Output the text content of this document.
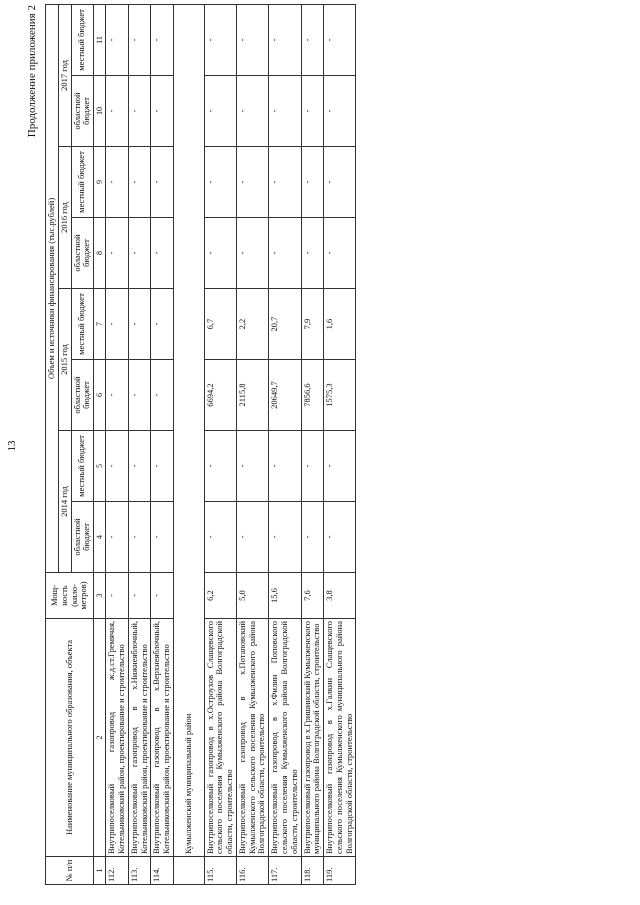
13
Продолжение приложения 2
№ п/п	Наименование муниципального образования, объекта	Мощ-ность (кило-метров)	Объем и источники финансирования (тыс.рублей)							
			2014 год		2015 год		2016 год		2017 год	
			областной бюджет	местный бюджет	областной бюджет	местный бюджет	областной бюджет	местный бюджет	областной бюджет	местный бюджет
1	2	3	4	5	6	7	8	9	10	11
112.	Внутрипоселковый газопровод ж.д.ст.Гремячая, Котельниковский район, проектирование и строительство	-	-	-	-	-	-	-	-	-
113.	Внутрипоселковый газопровод в х.Нижнеяблочный, Котельниковский район, проектирование и строительство	-	-	-	-	-	-	-	-	-
114.	Внутрипоселковый газопровод в х.Верхнеяблочный, Котельниковский район, проектирование и строительство	-	-	-	-	-	-	-	-	-
	Кумылженский муниципальный район									
115.	Внутрипоселковый газопровод в х.Остроухов Слащевского сельского поселения Кумылженского района Волгоградской области, строительство	6,2	-	-	6694,2	6,7	-	-	-	-
116.	Внутрипоселковый газопровод в х.Потаповский Кумылженского сельского поселения Кумылженского района Волгоградской области, строительство	5,0	-	-	2115,8	2,2	-	-	-	-
117.	Внутрипоселковый газопровод в х.Филин Поповского сельского поселения Кумылженского района Волгоградской области, строительство	15,6	-	-	20649,7	20,7	-	-	-	-
118.	Внутрипоселковый газопровод в х.Гришинский Кумылженского муниципального района Волгоградской области, строительство	7,6	-	-	7856,6	7,9	-	-	-	-
119.	Внутрипоселковый газопровод в х.Галкин Слащевского сельского поселения Кумылженского муниципального района Волгоградской области, строительство	3,8	-	-	1575,3	1,6	-	-	-	-
